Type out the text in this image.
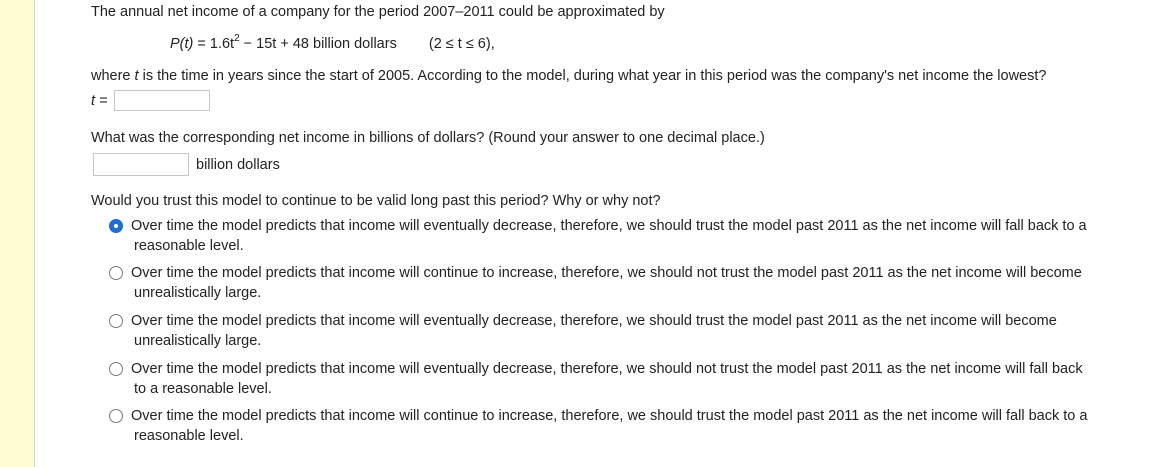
The annual net income of a company for the period 2007–2011 could be approximated by
$P(t) = 1.6t^2 - 15t + 48$ billion dollars (2 ≤ t ≤ 6),
where t is the time in years since the start of 2005. According to the model, during what year in this period was the company's net income the lowest?
t =
What was the corresponding net income in billions of dollars? (Round your answer to one decimal place.)
billion dollars
Would you trust this model to continue to be valid long past this period? Why or why not?
Over time the model predicts that income will eventually decrease, therefore, we should trust the model past 2011 as the net income will fall back to a
reasonable level.
Over time the model predicts that income will continue to increase, therefore, we should not trust the model past 2011 as the net income will become
unrealistically large.
Over time the model predicts that income will eventually decrease, therefore, we should trust the model past 2011 as the net income will become
unrealistically large.
Over time the model predicts that income will eventually decrease, therefore, we should not trust the model past 2011 as the net income will fall back
to a reasonable level.
Over time the model predicts that income will continue to increase, therefore, we should trust the model past 2011 as the net income will fall back to a
reasonable level.
